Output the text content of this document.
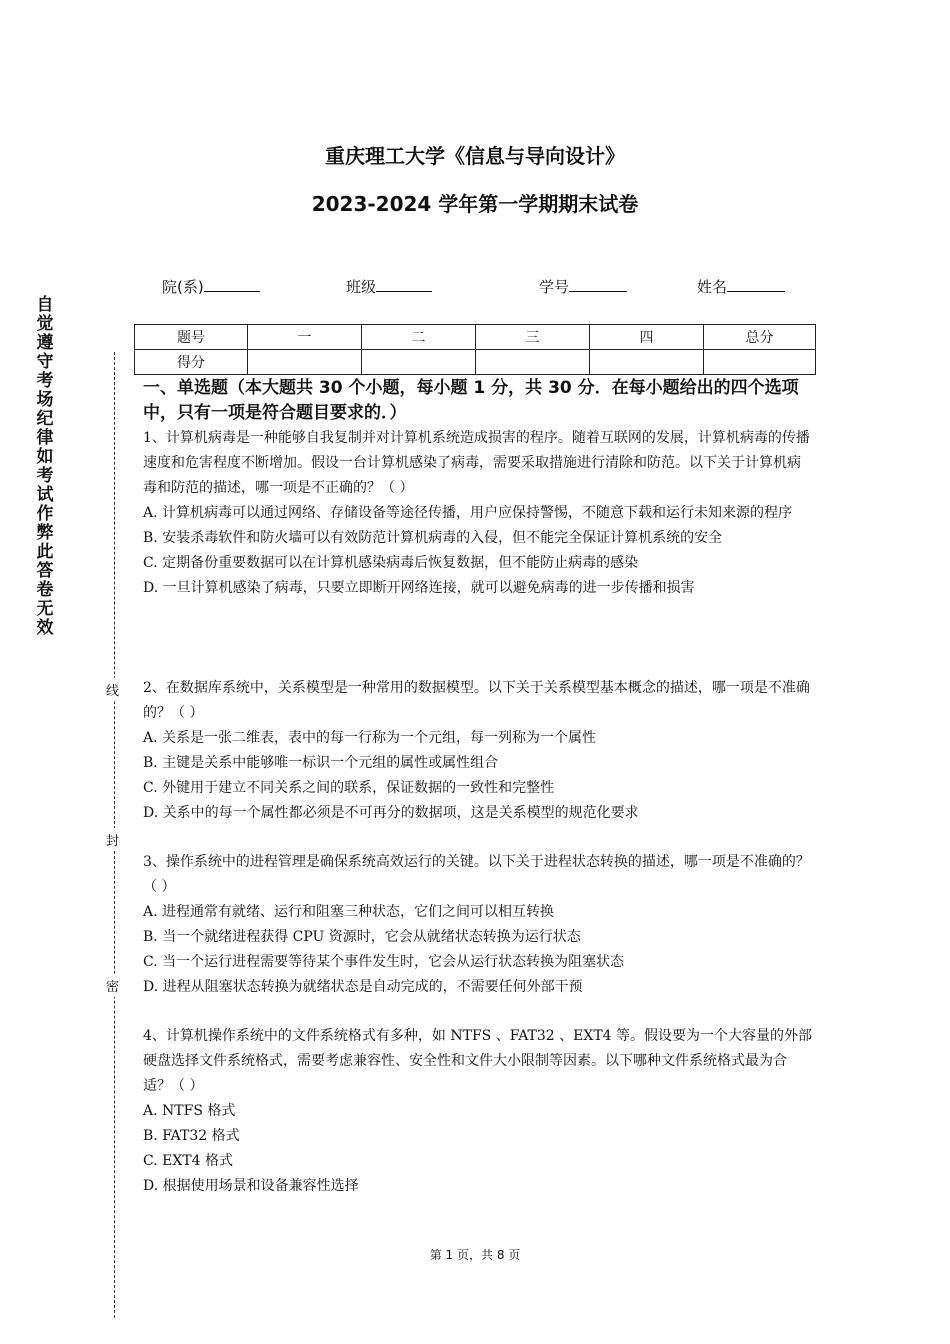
重庆理工大学《信息与导向设计》
2023-2024 学年第一学期期末试卷
院(系)	班级	学号	姓名
题号	一	二	三	四	总分
得分					
自
觉
遵
守
考
场
纪
律
如
考
试
作
弊
此
答
卷
无
效
线
封
密
一、单选题（本大题共 30 个小题，每小题 1 分，共 30 分．在每小题给出的四个选项中，只有一项是符合题目要求的．）

1、计算机病毒是一种能够自我复制并对计算机系统造成损害的程序。随着互联网的发展，计算机病毒的传播速度和危害程度不断增加。假设一台计算机感染了病毒，需要采取措施进行清除和防范。以下关于计算机病毒和防范的描述，哪一项是不正确的？（ ）

A. 计算机病毒可以通过网络、存储设备等途径传播，用户应保持警惕，不随意下载和运行未知来源的程序

B. 安装杀毒软件和防火墙可以有效防范计算机病毒的入侵，但不能完全保证计算机系统的安全

C. 定期备份重要数据可以在计算机感染病毒后恢复数据，但不能防止病毒的感染

D. 一旦计算机感染了病毒，只要立即断开网络连接，就可以避免病毒的进一步传播和损害

2、在数据库系统中，关系模型是一种常用的数据模型。以下关于关系模型基本概念的描述，哪一项是不准确的？（ ）

A. 关系是一张二维表，表中的每一行称为一个元组，每一列称为一个属性

B. 主键是关系中能够唯一标识一个元组的属性或属性组合

C. 外键用于建立不同关系之间的联系，保证数据的一致性和完整性

D. 关系中的每一个属性都必须是不可再分的数据项，这是关系模型的规范化要求

3、操作系统中的进程管理是确保系统高效运行的关键。以下关于进程状态转换的描述，哪一项是不准确的？（ ）

A. 进程通常有就绪、运行和阻塞三种状态，它们之间可以相互转换

B. 当一个就绪进程获得 CPU 资源时，它会从就绪状态转换为运行状态

C. 当一个运行进程需要等待某个事件发生时，它会从运行状态转换为阻塞状态

D. 进程从阻塞状态转换为就绪状态是自动完成的，不需要任何外部干预

4、计算机操作系统中的文件系统格式有多种，如 NTFS 、FAT32 、EXT4 等。假设要为一个大容量的外部硬盘选择文件系统格式，需要考虑兼容性、安全性和文件大小限制等因素。以下哪种文件系统格式最为合适？（ ）

A. NTFS 格式

B. FAT32 格式

C. EXT4 格式

D. 根据使用场景和设备兼容性选择

第 1 页，共 8 页
